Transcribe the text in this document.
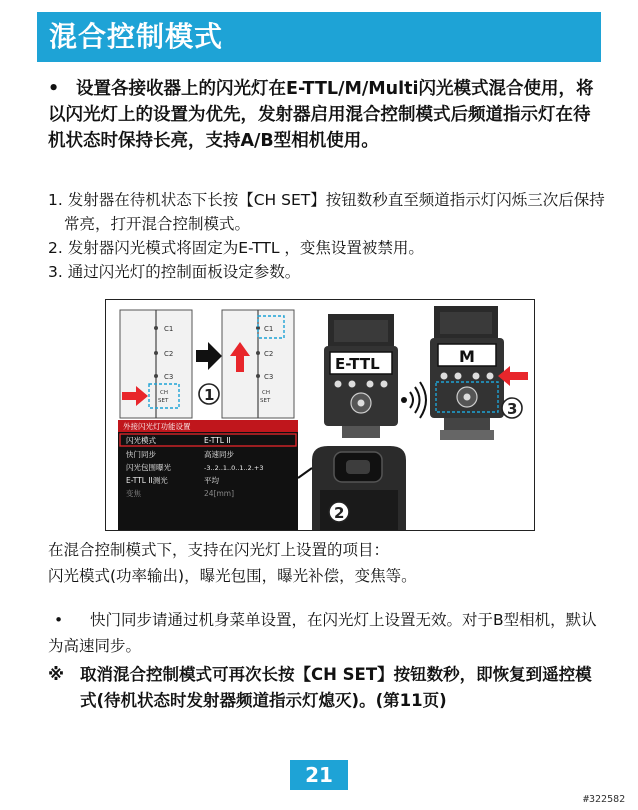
混合控制模式
• 设置各接收器上的闪光灯在E-TTL/M/Multi闪光模式混合使用，将以闪光灯上的设置为优先，发射器启用混合控制模式后频道指示灯在待机状态时保持长亮，支持A/B型相机使用。
1. 发射器在待机状态下长按【CH SET】按钮数秒直至频道指示灯闪烁三次后保持常亮，打开混合控制模式。
2. 发射器闪光模式将固定为E-TTL ，变焦设置被禁用。
3. 通过闪光灯的控制面板设定参数。
C1
C2
C3
CH
SET 1
C1
C2
C3
CH
SET
E-TTL	M
3
外接闪光灯功能设置
闪光模式	E-TTL II
快门同步	高速同步
闪光包围曝光	-3..2..1..0..1..2.+3
E-TTL II测光	平均
变焦	24[mm]
2
在混合控制模式下，支持在闪光灯上设置的项目：
闪光模式(功率输出)，曝光包围，曝光补偿，变焦等。
• 快门同步请通过机身菜单设置，在闪光灯上设置无效。对于B型相机，默认为高速同步。
※ 取消混合控制模式可再次长按【CH SET】按钮数秒，即恢复到遥控模式(待机状态时发射器频道指示灯熄灭)。(第11页)
21
#322582
